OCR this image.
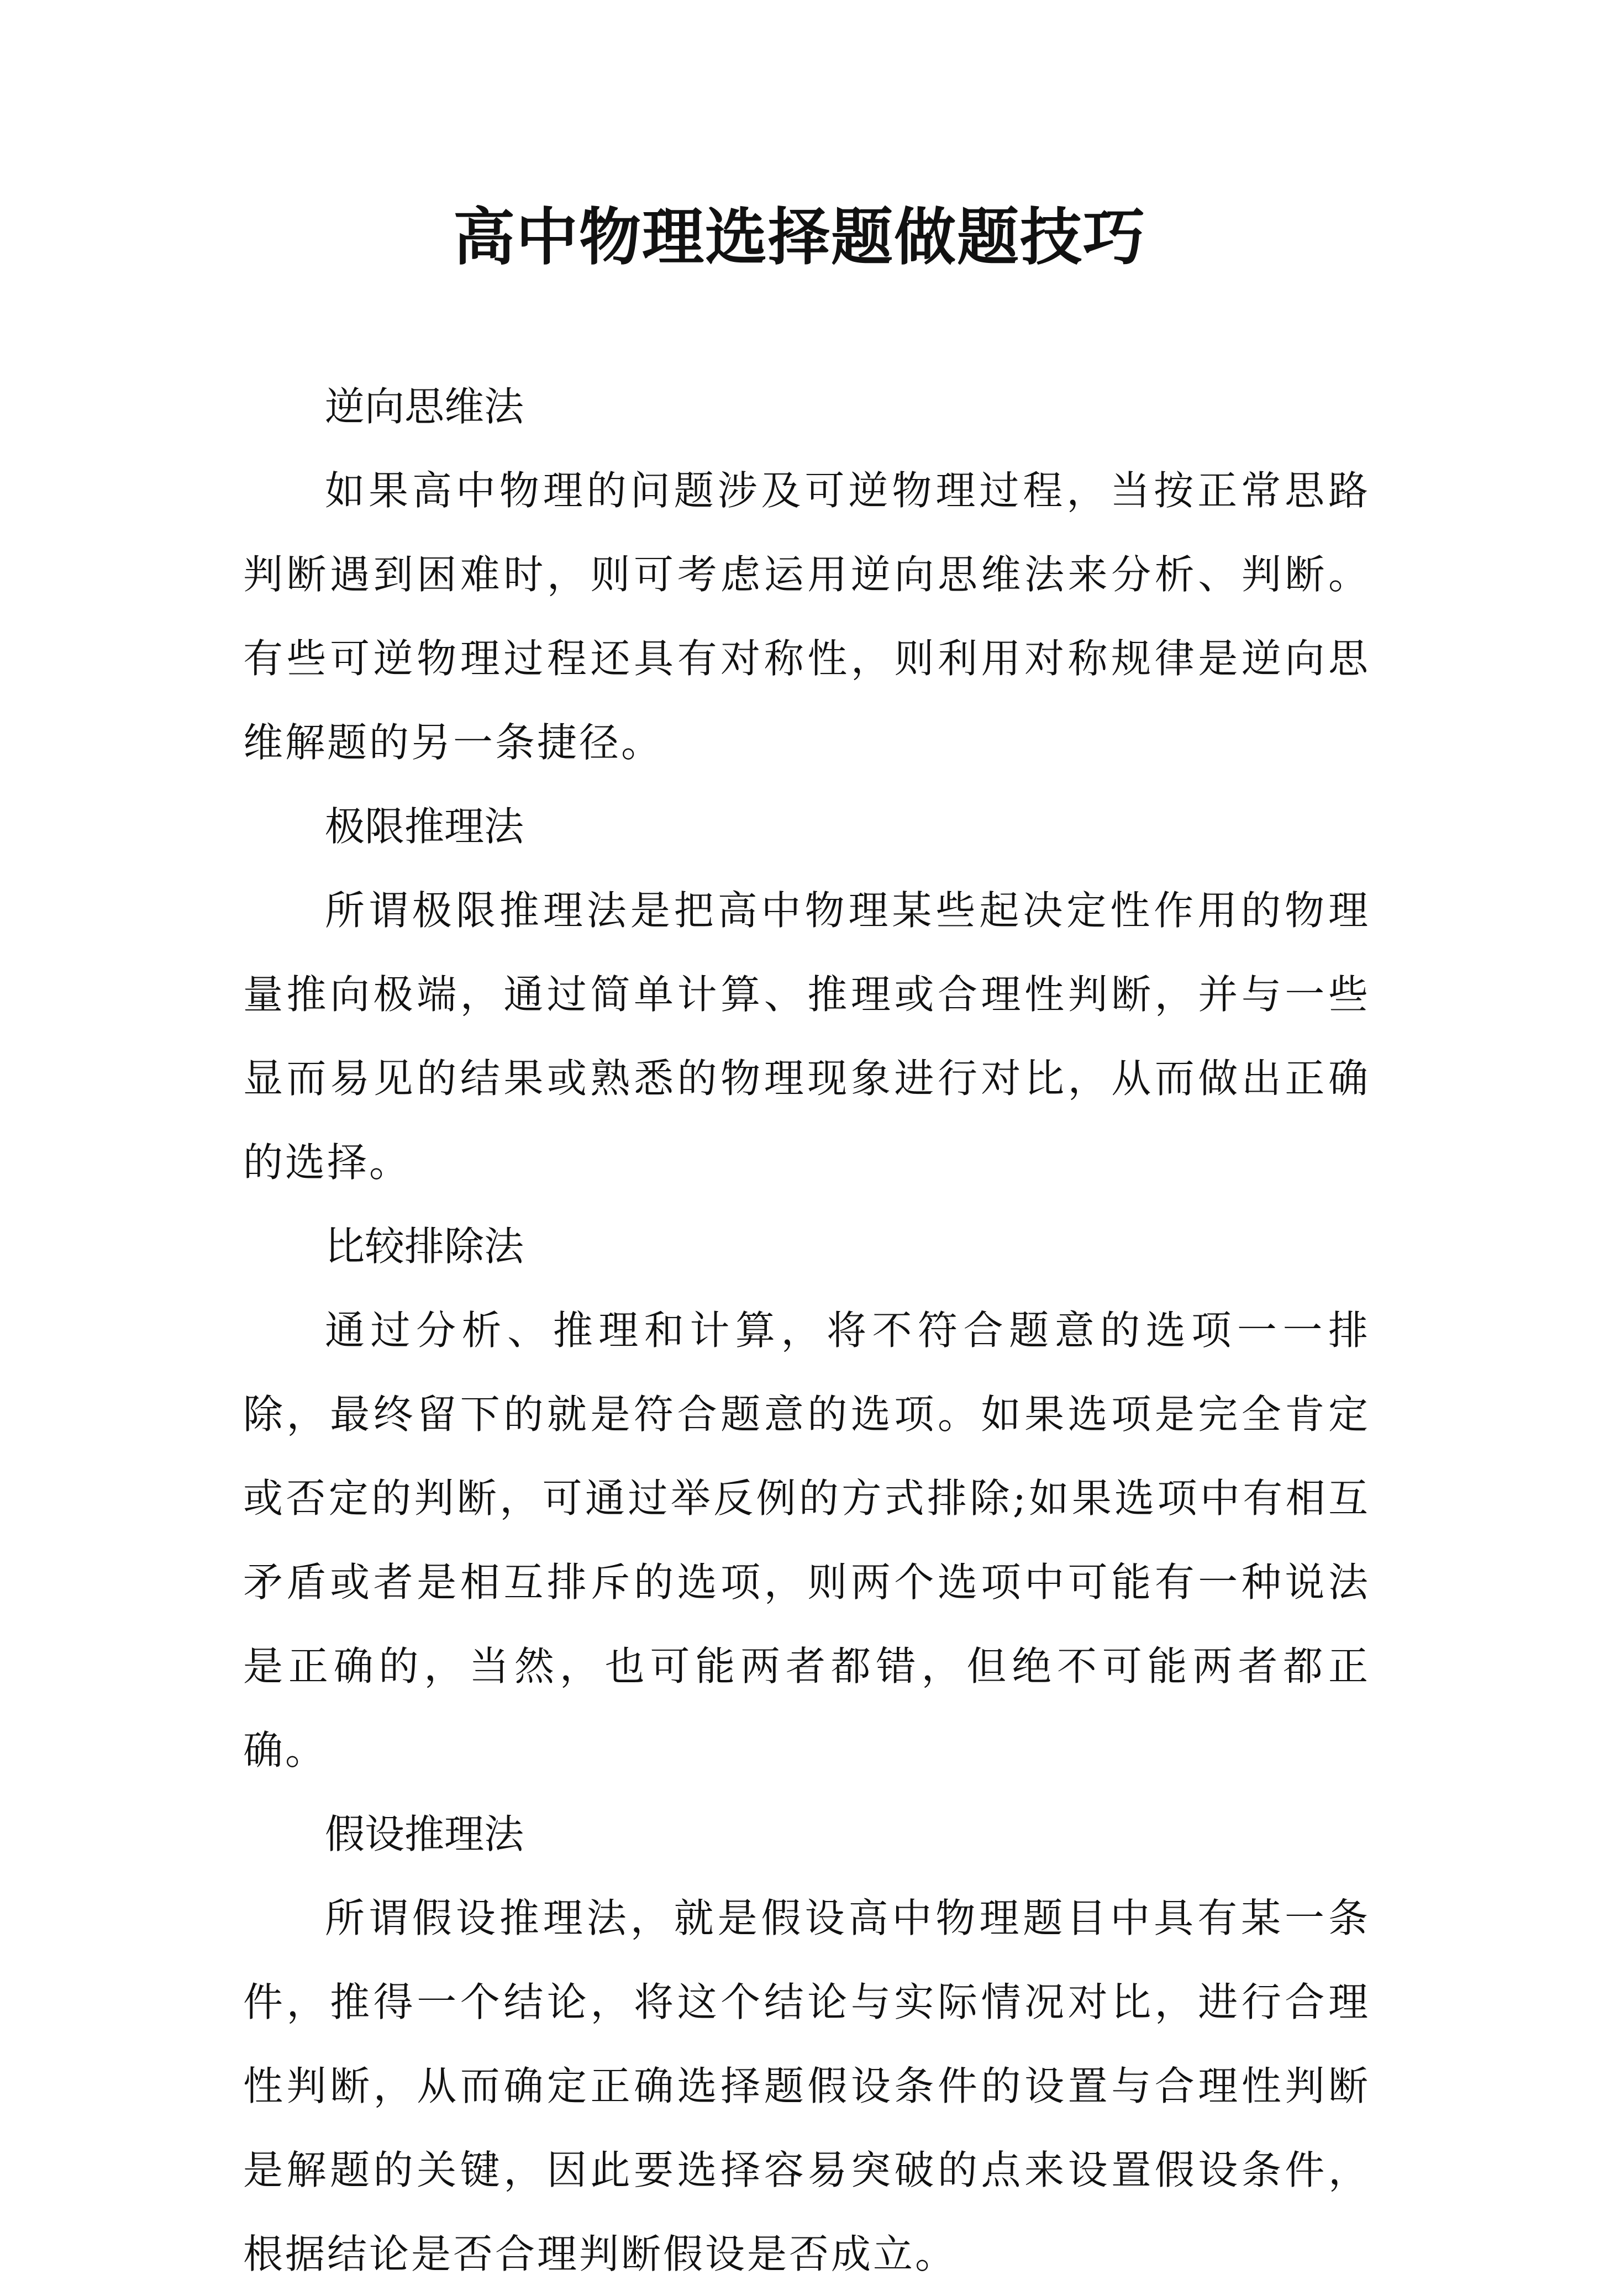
高中物理选择题做题技巧
逆向思维法

如果高中物理的问题涉及可逆物理过程，当按正常思路判断遇到困难时，则可考虑运用逆向思维法来分析、判断。有些可逆物理过程还具有对称性，则利用对称规律是逆向思维解题的另一条捷径。

极限推理法

所谓极限推理法是把高中物理某些起决定性作用的物理量推向极端，通过简单计算、推理或合理性判断，并与一些显而易见的结果或熟悉的物理现象进行对比，从而做出正确的选择。

比较排除法

通过分析、推理和计算，将不符合题意的选项一一排除，最终留下的就是符合题意的选项。如果选项是完全肯定或否定的判断，可通过举反例的方式排除;如果选项中有相互矛盾或者是相互排斥的选项，则两个选项中可能有一种说法是正确的，当然，也可能两者都错，但绝不可能两者都正确。

假设推理法

所谓假设推理法，就是假设高中物理题目中具有某一条件，推得一个结论，将这个结论与实际情况对比，进行合理性判断，从而确定正确选择题假设条件的设置与合理性判断是解题的关键，因此要选择容易突破的点来设置假设条件，根据结论是否合理判断假设是否成立。
